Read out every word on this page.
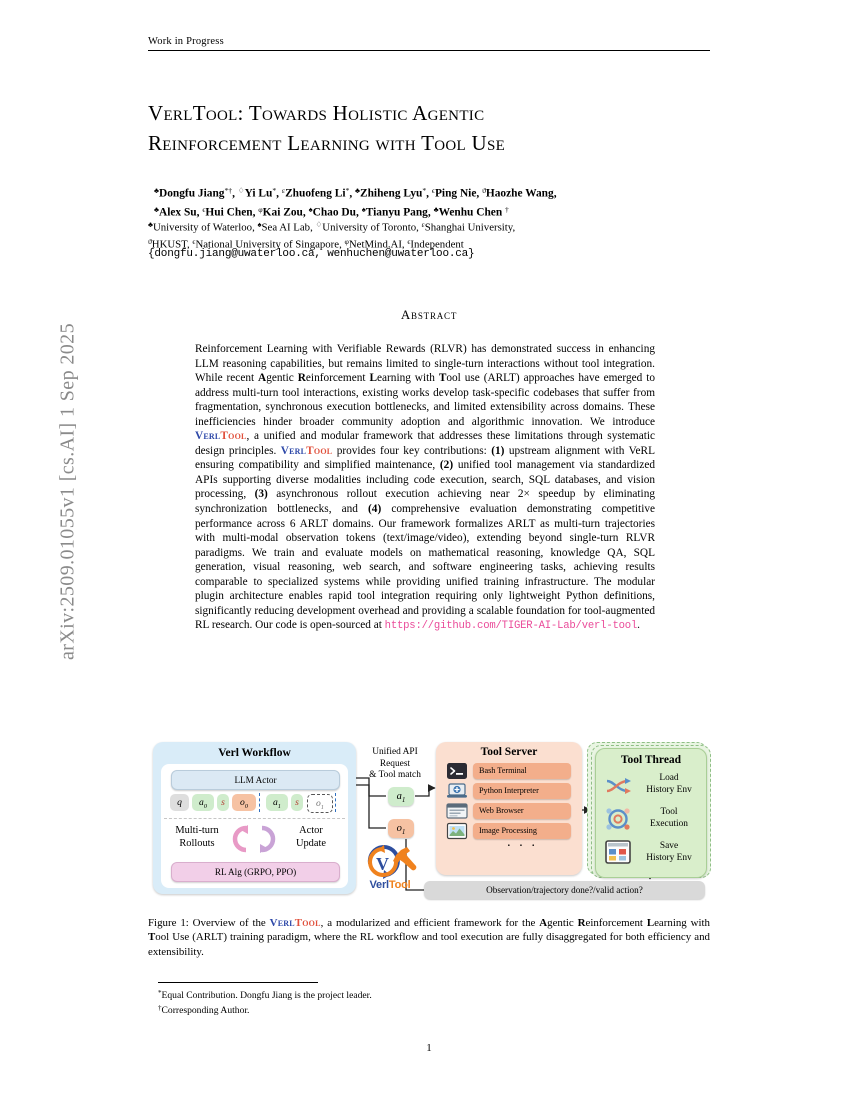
arXiv:2509.01055v1 [cs.AI] 1 Sep 2025
Work in Progress
VerlTool: Towards Holistic Agentic
Reinforcement Learning with Tool Use
♣Dongfu Jiang*†, ♢Yi Lu*, $^\varepsilon$Zhuofeng Li*, ♣Zhiheng Lyu*, $^\epsilon$Ping Nie, $^ϑ$Haozhe Wang,
♣Alex Su, $^\epsilon$Hui Chen, $^\varphi$Kai Zou, ♠Chao Du, ♠Tianyu Pang, ♣Wenhu Chen †
♣University of Waterloo, ♠Sea AI Lab, ♢University of Toronto, $^\varepsilon$Shanghai University,
$^ϑ$HKUST, $^\epsilon$National University of Singapore, $^\varphi$NetMind.AI, $^\epsilon$Independent
{dongfu.jiang@uwaterloo.ca, wenhuchen@uwaterloo.ca}
Abstract
Reinforcement Learning with Verifiable Rewards (RLVR) has demonstrated success in enhancing LLM reasoning capabilities, but remains limited to single-turn interactions without tool integration. While recent Agentic Reinforcement Learning with Tool use (ARLT) approaches have emerged to address multi-turn tool interactions, existing works develop task-specific codebases that suffer from fragmentation, synchronous execution bottlenecks, and limited extensibility across domains. These inefficiencies hinder broader community adoption and algorithmic innovation. We introduce VerlTool, a unified and modular framework that addresses these limitations through systematic design principles. VerlTool provides four key contributions: (1) upstream alignment with VeRL ensuring compatibility and simplified maintenance, (2) unified tool management via standardized APIs supporting diverse modalities including code execution, search, SQL databases, and vision processing, (3) asynchronous rollout execution achieving near 2× speedup by eliminating synchronization bottlenecks, and (4) comprehensive evaluation demonstrating competitive performance across 6 ARLT domains. Our framework formalizes ARLT as multi-turn trajectories with multi-modal observation tokens (text/image/video), extending beyond single-turn RLVR paradigms. We train and evaluate models on mathematical reasoning, knowledge QA, SQL generation, visual reasoning, web search, and software engineering tasks, achieving results comparable to specialized systems while providing unified training infrastructure. The modular plugin architecture enables rapid tool integration requiring only lightweight Python definitions, significantly reducing development overhead and providing a scalable foundation for tool-augmented RL research. Our code is open-sourced at https://github.com/TIGER-AI-Lab/verl-tool.
Verl Workflow
LLM Actor
q	$a_0$	s	$o_0$	$a_1$	s	$o_1$
Multi-turn
Rollouts
Actor
Update
RL Alg (GRPO, PPO)
Unified API
Request
& Tool match
$a_1$
$o_1$
V
VerlTool
Tool Server
Bash Terminal
Python Interpreter
Web Browser
Image Processing
· · ·
Tool Thread
Load
History Env
Tool
Execution
Save
History Env
Observation/trajectory done?/valid action?
Figure 1: Overview of the VerlTool, a modularized and efficient framework for the Agentic Reinforcement Learning with Tool Use (ARLT) training paradigm, where the RL workflow and tool execution are fully disaggregated for both efficiency and extensibility.
*Equal Contribution. Dongfu Jiang is the project leader.
†Corresponding Author.
1
